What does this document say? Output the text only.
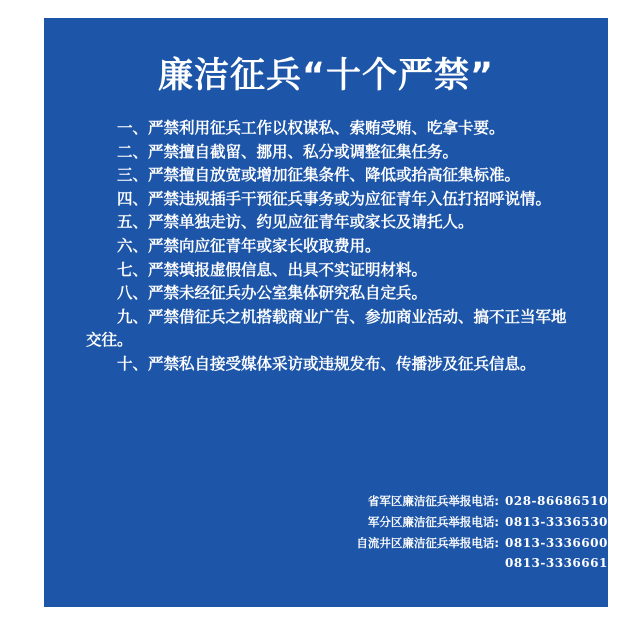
廉洁征兵“十个严禁”
一、严禁利用征兵工作以权谋私、索贿受贿、吃拿卡要。
二、严禁擅自截留、挪用、私分或调整征集任务。
三、严禁擅自放宽或增加征集条件、降低或抬高征集标准。
四、严禁违规插手干预征兵事务或为应征青年入伍打招呼说情。
五、严禁单独走访、约见应征青年或家长及请托人。
六、严禁向应征青年或家长收取费用。
七、严禁填报虚假信息、出具不实证明材料。
八、严禁未经征兵办公室集体研究私自定兵。
九、严禁借征兵之机搭载商业广告、参加商业活动、搞不正当军地交往。
十、严禁私自接受媒体采访或违规发布、传播涉及征兵信息。
省军区廉洁征兵举报电话: 028-86686510
军分区廉洁征兵举报电话: 0813-3336530
自流井区廉洁征兵举报电话: 0813-3336600
0813-3336661
